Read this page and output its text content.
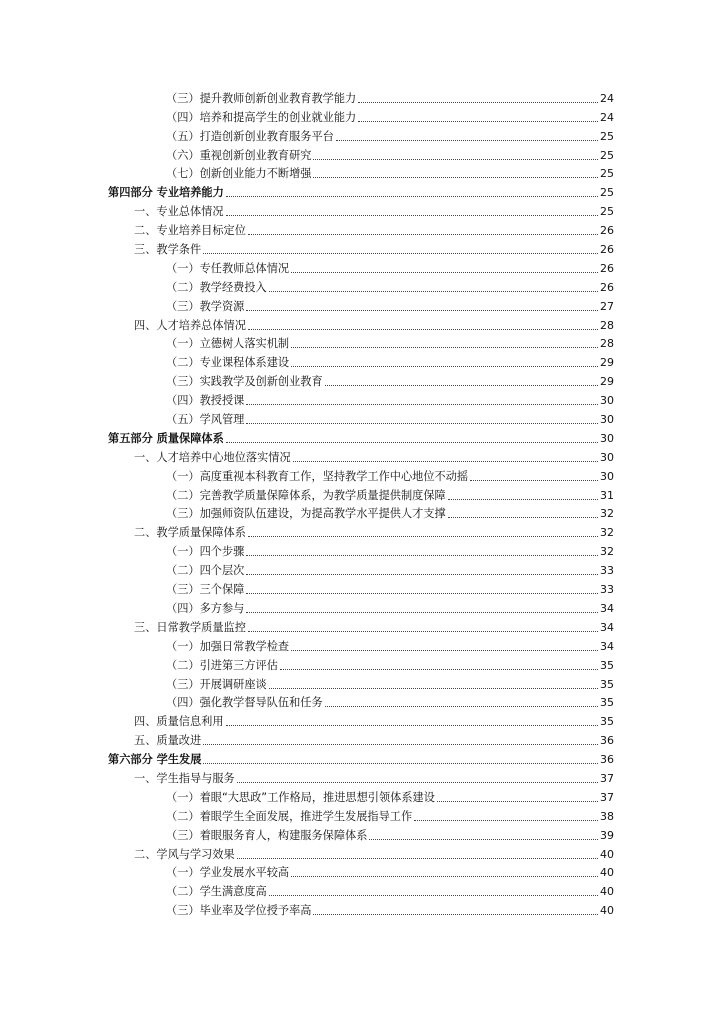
（三）提升教师创新创业教育教学能力	24
（四）培养和提高学生的创业就业能力	24
（五）打造创新创业教育服务平台	25
（六）重视创新创业教育研究	25
（七）创新创业能力不断增强	25
第四部分 专业培养能力	25
一、专业总体情况	25
二、专业培养目标定位	26
三、教学条件	26
（一）专任教师总体情况	26
（二）教学经费投入	26
（三）教学资源	27
四、人才培养总体情况	28
（一）立德树人落实机制	28
（二）专业课程体系建设	29
（三）实践教学及创新创业教育	29
（四）教授授课	30
（五）学风管理	30
第五部分 质量保障体系	30
一、人才培养中心地位落实情况	30
（一）高度重视本科教育工作，坚持教学工作中心地位不动摇	30
（二）完善教学质量保障体系，为教学质量提供制度保障	31
（三）加强师资队伍建设，为提高教学水平提供人才支撑	32
二、教学质量保障体系	32
（一）四个步骤	32
（二）四个层次	33
（三）三个保障	33
（四）多方参与	34
三、日常教学质量监控	34
（一）加强日常教学检查	34
（二）引进第三方评估	35
（三）开展调研座谈	35
（四）强化教学督导队伍和任务	35
四、质量信息利用	35
五、质量改进	36
第六部分 学生发展	36
一、学生指导与服务	37
（一）着眼“大思政”工作格局，推进思想引领体系建设	37
（二）着眼学生全面发展，推进学生发展指导工作	38
（三）着眼服务育人，构建服务保障体系	39
二、学风与学习效果	40
（一）学业发展水平较高	40
（二）学生满意度高	40
（三）毕业率及学位授予率高	40
